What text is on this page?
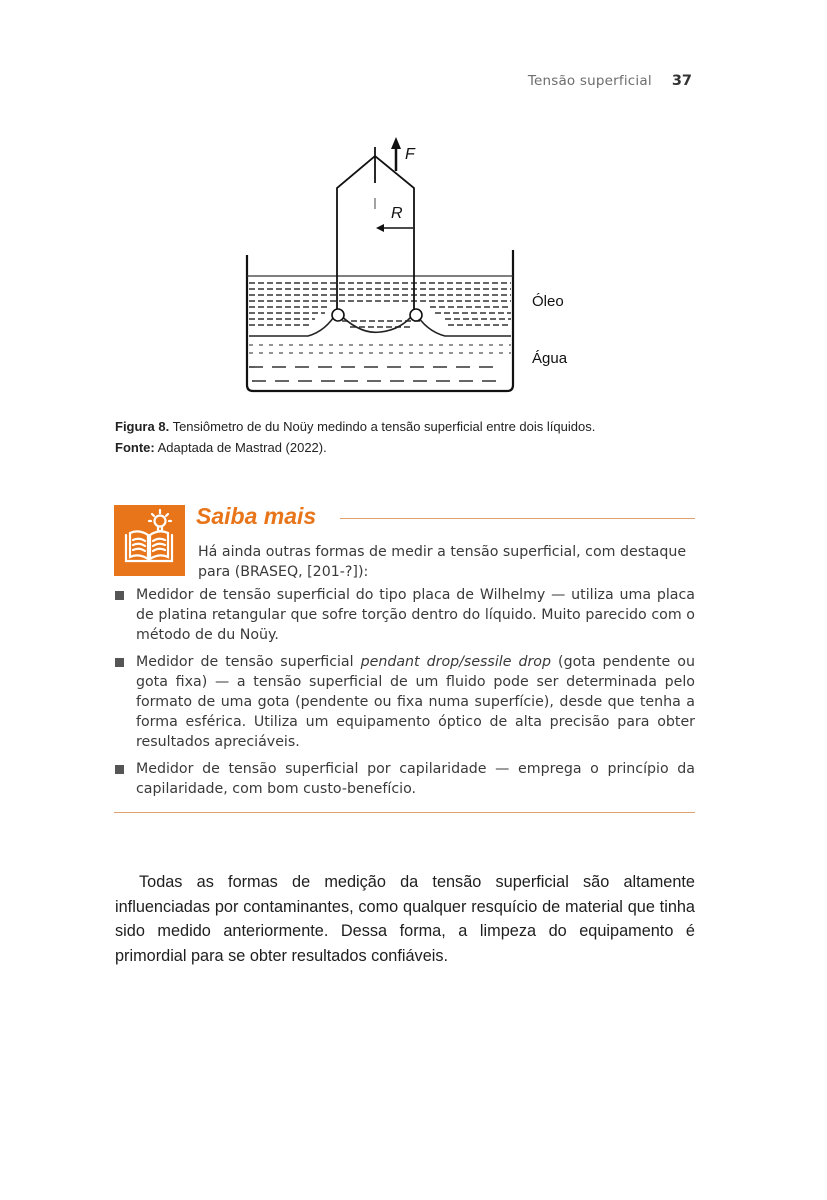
Tensão superficial 37
F
R
Óleo
Água
Figura 8. Tensiômetro de du Noüy medindo a tensão superficial entre dois líquidos.
Fonte: Adaptada de Mastrad (2022).
Saiba mais
Há ainda outras formas de medir a tensão superficial, com destaque para (BRASEQ, [201-?]):
Medidor de tensão superficial do tipo placa de Wilhelmy — utiliza uma placa de platina retangular que sofre torção dentro do líquido. Muito parecido com o método de du Noüy.
Medidor de tensão superficial pendant drop/sessile drop (gota pendente ou gota fixa) — a tensão superficial de um fluido pode ser determinada pelo formato de uma gota (pendente ou fixa numa superfície), desde que tenha a forma esférica. Utiliza um equipamento óptico de alta precisão para obter resultados apreciáveis.
Medidor de tensão superficial por capilaridade — emprega o princípio da capilaridade, com bom custo-benefício.

Todas as formas de medição da tensão superficial são altamente influenciadas por contaminantes, como qualquer resquício de material que tinha sido medido anteriormente. Dessa forma, a limpeza do equipamento é primordial para se obter resultados confiáveis.
